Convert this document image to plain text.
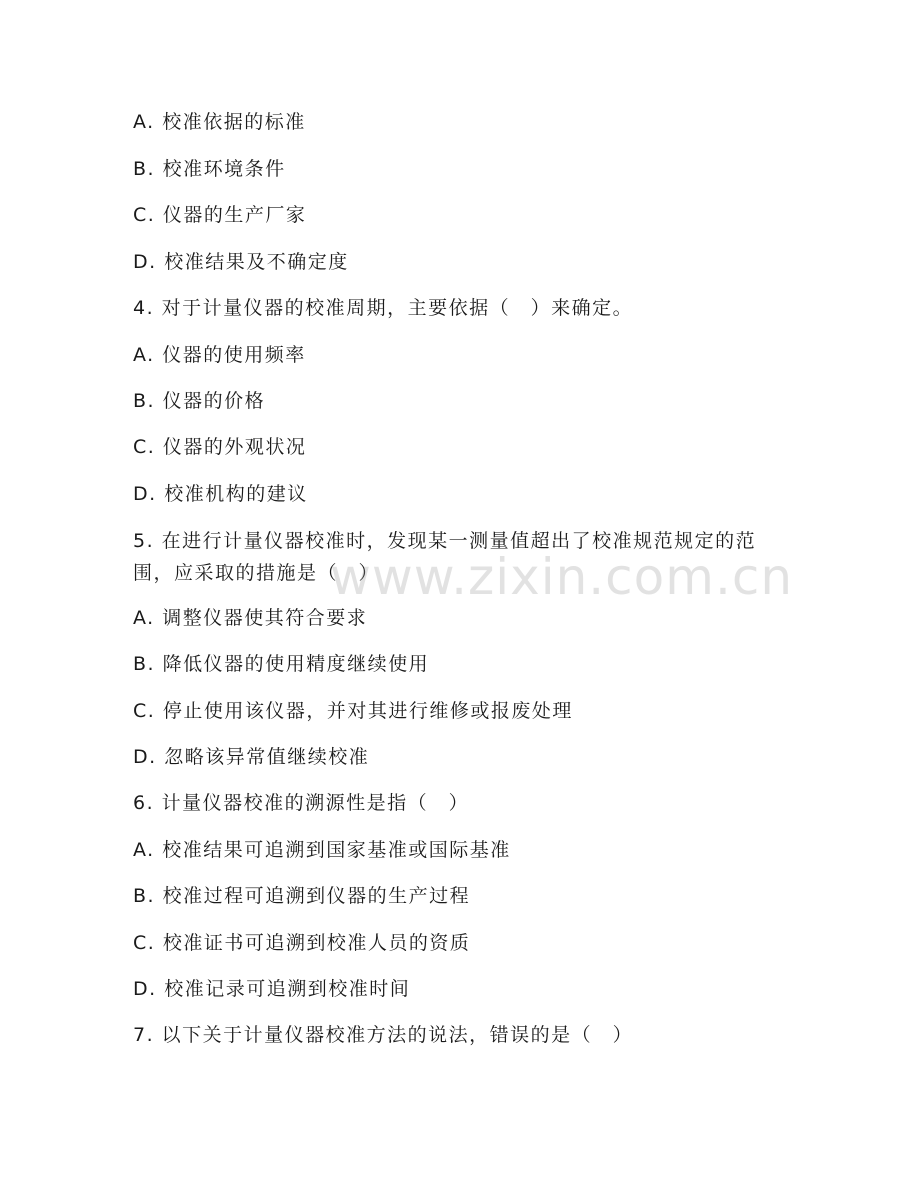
A. 校准依据的标准
B. 校准环境条件
C. 仪器的生产厂家
D. 校准结果及不确定度
4. 对于计量仪器的校准周期，主要依据（　）来确定。
A. 仪器的使用频率
B. 仪器的价格
C. 仪器的外观状况
D. 校准机构的建议
5. 在进行计量仪器校准时，发现某一测量值超出了校准规范规定的范围，应采取的措施是（　）
A. 调整仪器使其符合要求
B. 降低仪器的使用精度继续使用
C. 停止使用该仪器，并对其进行维修或报废处理
D. 忽略该异常值继续校准
6. 计量仪器校准的溯源性是指（　）
A. 校准结果可追溯到国家基准或国际基准
B. 校准过程可追溯到仪器的生产过程
C. 校准证书可追溯到校准人员的资质
D. 校准记录可追溯到校准时间
7. 以下关于计量仪器校准方法的说法，错误的是（　）
www.zixin.com.cn
